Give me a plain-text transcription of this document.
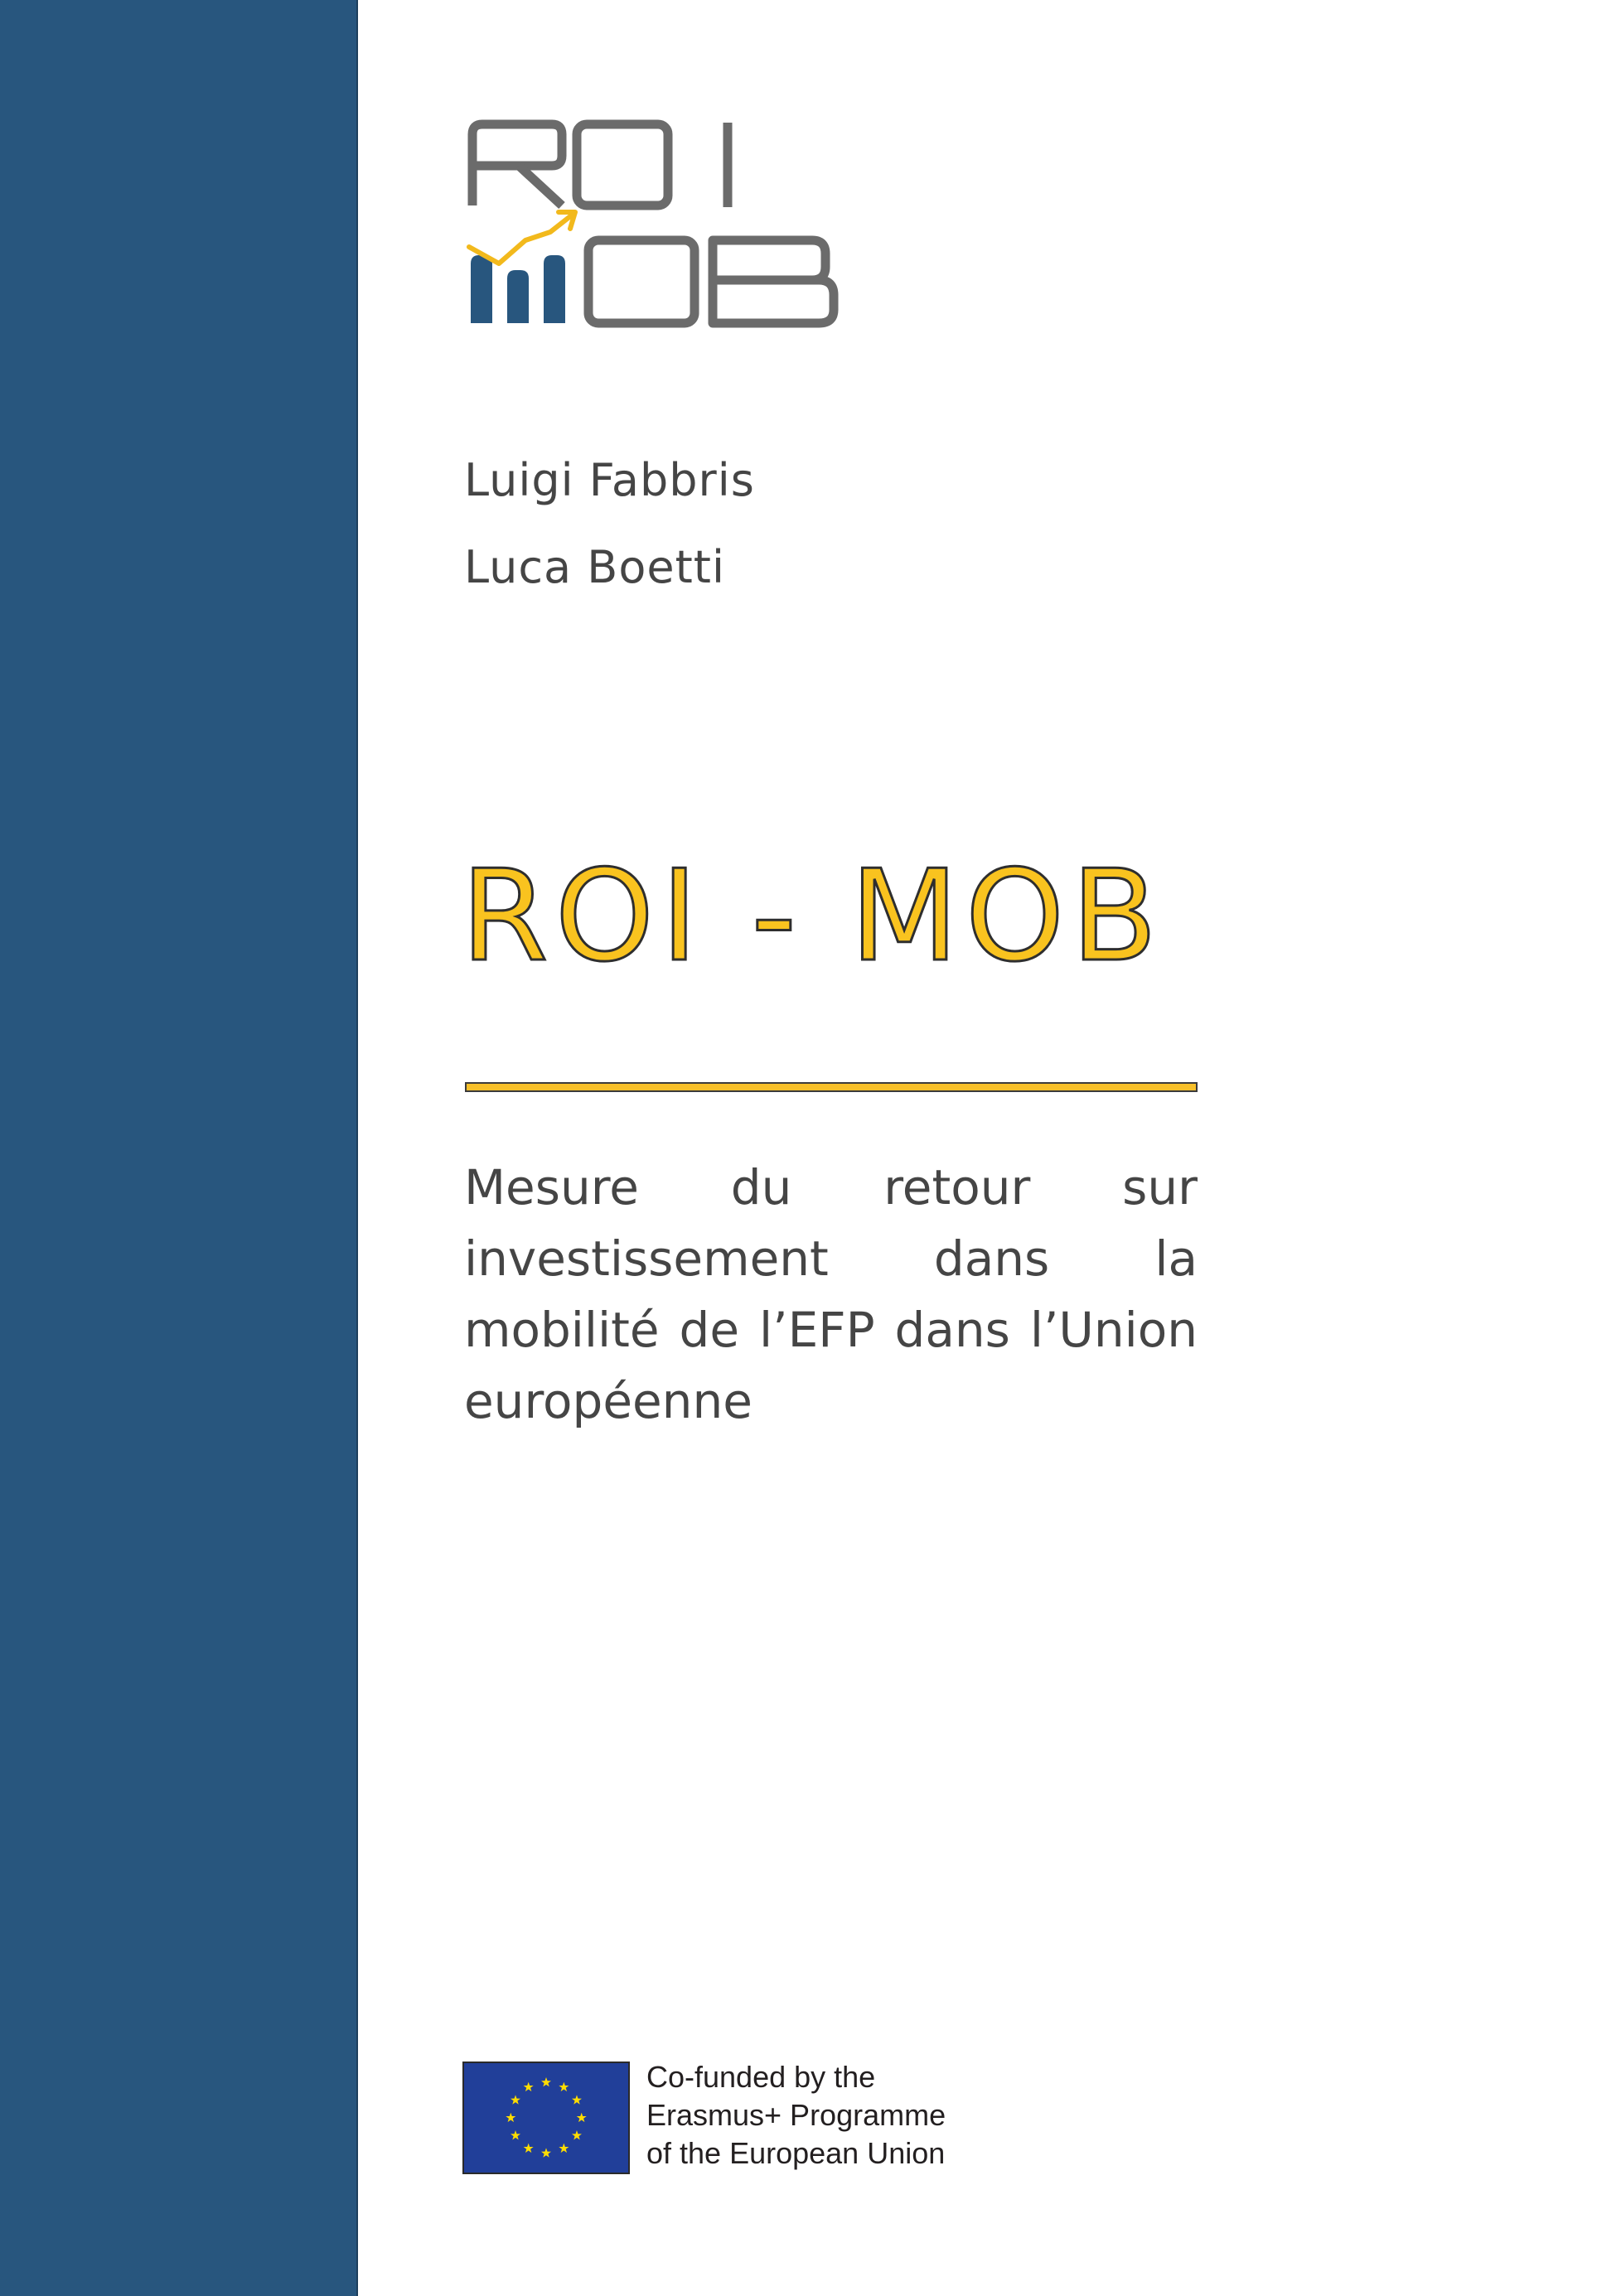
Luigi Fabbris
Luca Boetti
ROI - MOB
Mesure du retour sur investissement dans la mobilité de l’EFP dans l’Union européenne
Co-funded by the
Erasmus+ Programme
of the European Union
